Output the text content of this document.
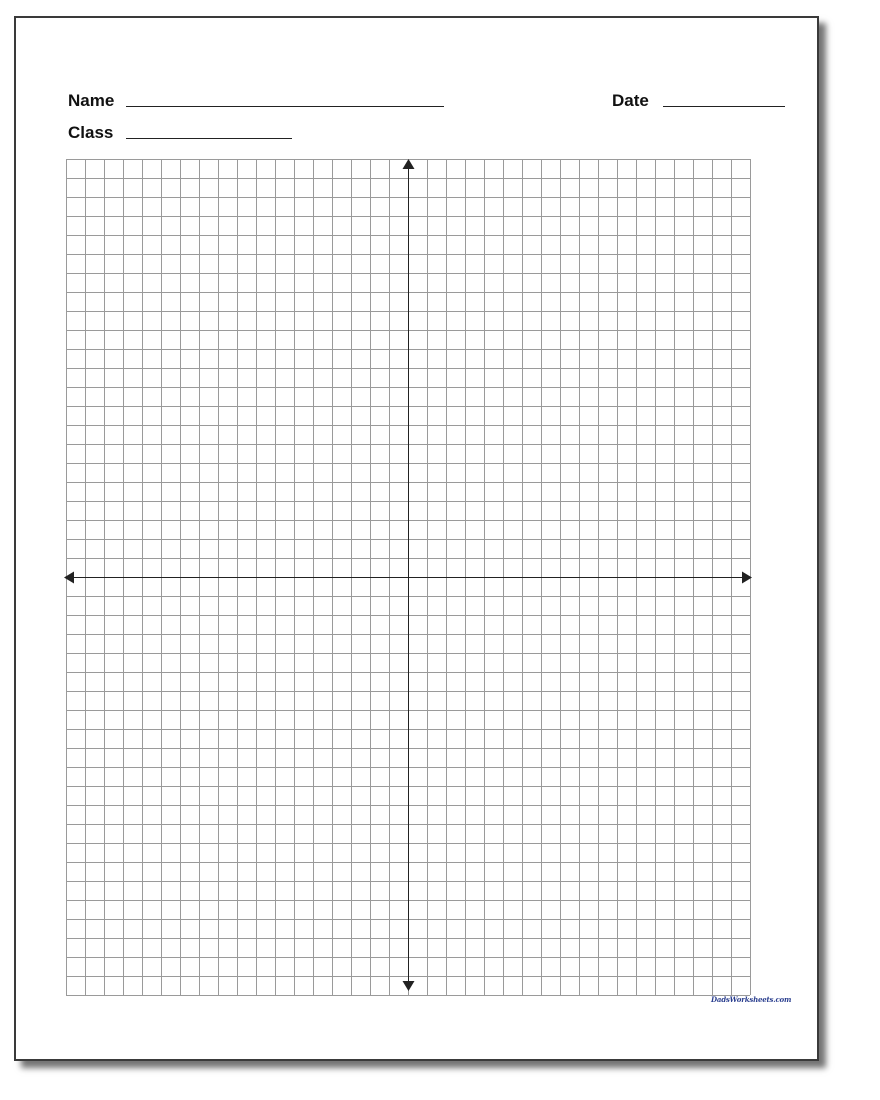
Name	Date
Class
DadsWorksheets.com
